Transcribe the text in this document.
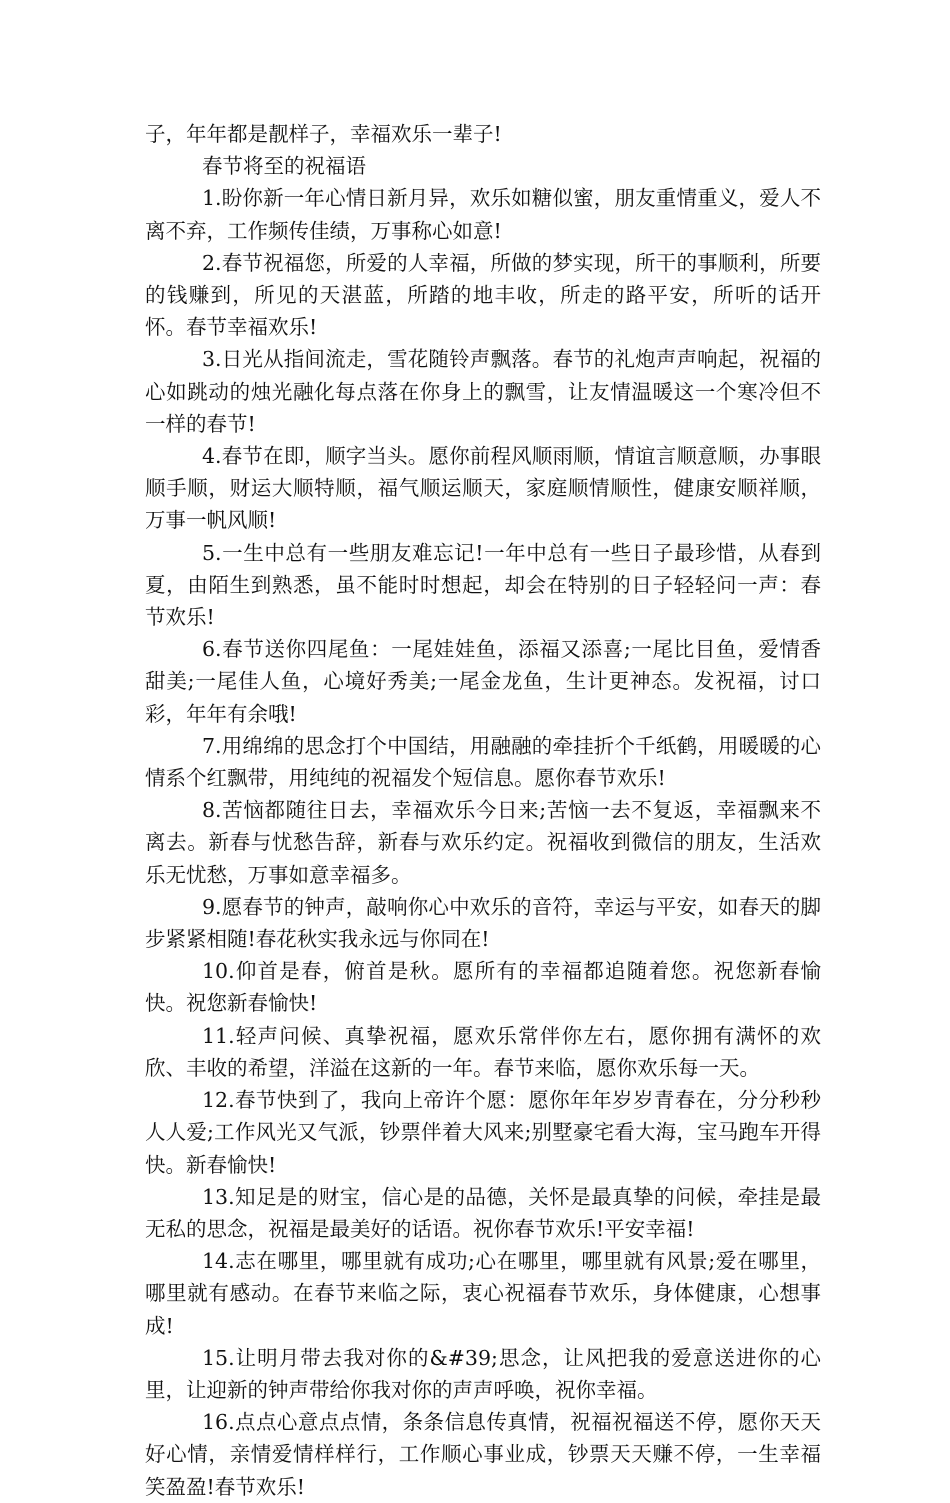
子，年年都是靓样子，幸福欢乐一辈子!

春节将至的祝福语

1.盼你新一年心情日新月异，欢乐如糖似蜜，朋友重情重义，爱人不离不弃，工作频传佳绩，万事称心如意!

2.春节祝福您，所爱的人幸福，所做的梦实现，所干的事顺利，所要的钱赚到，所见的天湛蓝，所踏的地丰收，所走的路平安，所听的话开怀。春节幸福欢乐!

3.日光从指间流走，雪花随铃声飘落。春节的礼炮声声响起，祝福的心如跳动的烛光融化每点落在你身上的飘雪，让友情温暖这一个寒冷但不一样的春节!

4.春节在即，顺字当头。愿你前程风顺雨顺，情谊言顺意顺，办事眼顺手顺，财运大顺特顺，福气顺运顺天，家庭顺情顺性，健康安顺祥顺，万事一帆风顺!

5.一生中总有一些朋友难忘记!一年中总有一些日子最珍惜，从春到夏，由陌生到熟悉，虽不能时时想起，却会在特别的日子轻轻问一声：春节欢乐!

6.春节送你四尾鱼：一尾娃娃鱼，添福又添喜;一尾比目鱼，爱情香甜美;一尾佳人鱼，心境好秀美;一尾金龙鱼，生计更神态。发祝福，讨口彩，年年有余哦!

7.用绵绵的思念打个中国结，用融融的牵挂折个千纸鹤，用暖暖的心情系个红飘带，用纯纯的祝福发个短信息。愿你春节欢乐!

8.苦恼都随往日去，幸福欢乐今日来;苦恼一去不复返，幸福飘来不离去。新春与忧愁告辞，新春与欢乐约定。祝福收到微信的朋友，生活欢乐无忧愁，万事如意幸福多。

9.愿春节的钟声，敲响你心中欢乐的音符，幸运与平安，如春天的脚步紧紧相随!春花秋实我永远与你同在!

10.仰首是春，俯首是秋。愿所有的幸福都追随着您。祝您新春愉快。祝您新春愉快!

11.轻声问候、真挚祝福，愿欢乐常伴你左右，愿你拥有满怀的欢欣、丰收的希望，洋溢在这新的一年。春节来临，愿你欢乐每一天。

12.春节快到了，我向上帝许个愿：愿你年年岁岁青春在，分分秒秒人人爱;工作风光又气派，钞票伴着大风来;别墅豪宅看大海，宝马跑车开得快。新春愉快!

13.知足是的财宝，信心是的品德，关怀是最真挚的问候，牵挂是最无私的思念，祝福是最美好的话语。祝你春节欢乐!平安幸福!

14.志在哪里，哪里就有成功;心在哪里，哪里就有风景;爱在哪里，哪里就有感动。在春节来临之际，衷心祝福春节欢乐，身体健康，心想事成!

15.让明月带去我对你的&#39;思念，让风把我的爱意送进你的心里，让迎新的钟声带给你我对你的声声呼唤，祝你幸福。

16.点点心意点点情，条条信息传真情，祝福祝福送不停，愿你天天好心情，亲情爱情样样行，工作顺心事业成，钞票天天赚不停，一生幸福笑盈盈!春节欢乐!
